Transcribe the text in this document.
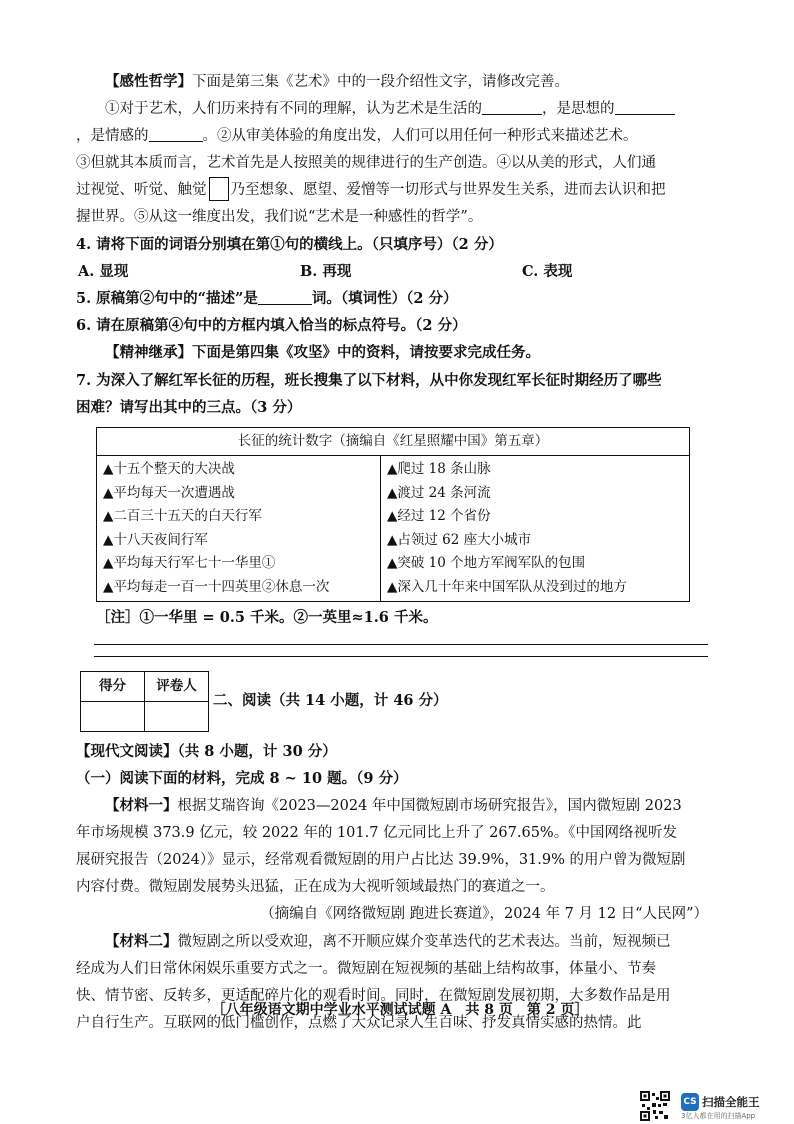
【感性哲学】下面是第三集《艺术》中的一段介绍性文字，请修改完善。
①对于艺术，人们历来持有不同的理解，认为艺术是生活的	，是思想的
，是情感的	。②从审美体验的角度出发，人们可以用任何一种形式来描述艺术。
③但就其本质而言，艺术首先是人按照美的规律进行的生产创造。④以从美的形式，人们通
过视觉、听觉、触觉 乃至想象、愿望、爱憎等一切形式与世界发生关系，进而去认识和把
握世界。⑤从这一维度出发，我们说“艺术是一种感性的哲学”。
4. 请将下面的词语分别填在第①句的横线上。（只填序号）（2 分）
A. 显现	B. 再现	C. 表现
5. 原稿第②句中的“描述”是	词。（填词性）（2 分）
6. 请在原稿第④句中的方框内填入恰当的标点符号。（2 分）
【精神继承】下面是第四集《攻坚》中的资料，请按要求完成任务。
7. 为深入了解红军长征的历程，班长搜集了以下材料，从中你发现红军长征时期经历了哪些
困难？请写出其中的三点。（3 分）
长征的统计数字（摘编自《红星照耀中国》第五章）

▲十五个整天的大决战
▲平均每天一次遭遇战
▲二百三十五天的白天行军
▲十八天夜间行军
▲平均每天行军七十一华里①
▲平均每走一百一十四英里②休息一次

▲爬过 18 条山脉
▲渡过 24 条河流
▲经过 12 个省份
▲占领过 62 座大小城市
▲突破 10 个地方军阀军队的包围
▲深入几十年来中国军队从没到过的地方
［注］①一华里 = 0.5 千米。②一英里≈1.6 千米。
得分	评卷人

二、阅读（共 14 小题，计 46 分）
【现代文阅读】（共 8 小题，计 30 分）
（一）阅读下面的材料，完成 8 ~ 10 题。（9 分）
【材料一】根据艾瑞咨询《2023—2024 年中国微短剧市场研究报告》，国内微短剧 2023
年市场规模 373.9 亿元，较 2022 年的 101.7 亿元同比上升了 267.65%。《中国网络视听发
展研究报告（2024）》显示，经常观看微短剧的用户占比达 39.9%，31.9% 的用户曾为微短剧
内容付费。微短剧发展势头迅猛，正在成为大视听领域最热门的赛道之一。
（摘编自《网络微短剧 跑进长赛道》，2024 年 7 月 12 日“人民网”）
【材料二】微短剧之所以受欢迎，离不开顺应媒介变革迭代的艺术表达。当前，短视频已
经成为人们日常休闲娱乐重要方式之一。微短剧在短视频的基础上结构故事，体量小、节奏
快、情节密、反转多，更适配碎片化的观看时间。同时，在微短剧发展初期，大多数作品是用
户自行生产。互联网的低门槛创作，点燃了大众记录人生百味、抒发真情实感的热情。此
［八年级语文期中学业水平测试试题 A　共 8 页　第 2 页］
CS 扫描全能王
3亿人都在用的扫描App
